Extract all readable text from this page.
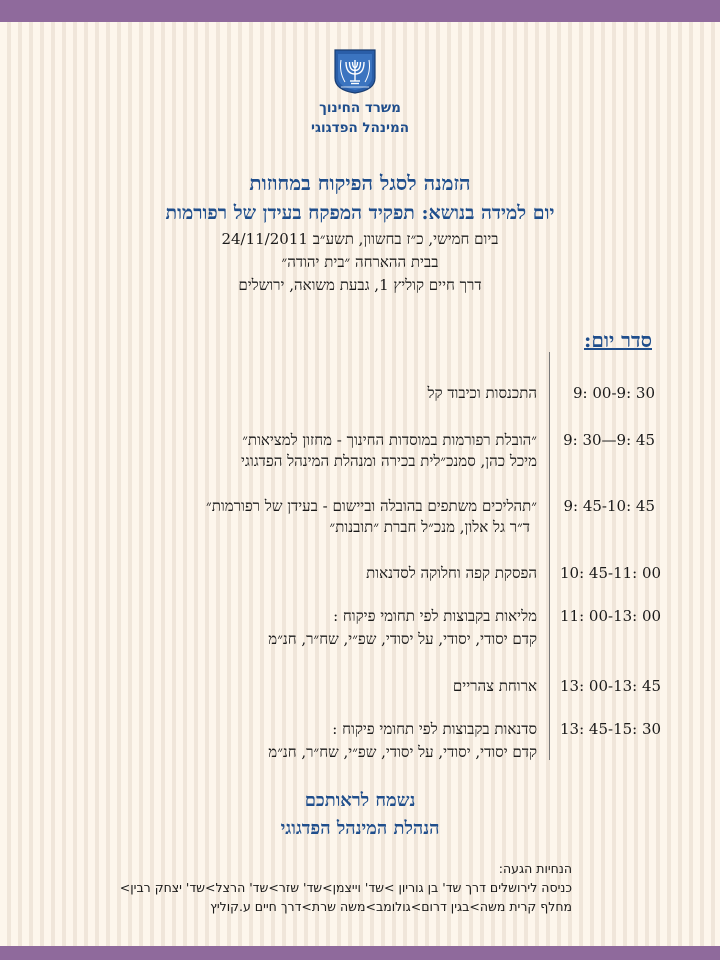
משרד החינוך
המינהל הפדגוגי
הזמנה לסגל הפיקוח במחוזות
יום למידה בנושא: תפקיד המפקח בעידן של רפורמות
ביום חמישי, כ״ז בחשוון, תשע״ב 24/11/2011
בבית ההארחה ״בית יהודה״
דרך חיים קוליץ 1, גבעת משואה, ירושלים
סדר יום:
9: 00-9: 30
התכנסות וכיבוד קל
9: 30—9: 45
״הובלת רפורמות במוסדות החינוך - מחזון למציאות״
מיכל כהן, סמנכ״לית בכירה ומנהלת המינהל הפדגוגי
9: 45-10: 45
״תהליכים משתפים בהובלה וביישום - בעידן של רפורמות״
ד״ר גל אלון, מנכ״ל חברת ״תובנות״
10: 45-11: 00
הפסקת קפה וחלוקה לסדנאות
11: 00-13: 00
מליאות בקבוצות לפי תחומי פיקוח :
קדם יסודי, יסודי, על יסודי, שפ״י, שח״ר, חנ״מ
13: 00-13: 45
ארוחת צהריים
13: 45-15: 30
סדנאות בקבוצות לפי תחומי פיקוח :
קדם יסודי, יסודי, על יסודי, שפ״י, שח״ר, חנ״מ
נשמח לראותכם
הנהלת המינהל הפדגוגי
הנחיות הגעה:
כניסה לירושלים דרך שד' בן גוריון >שד' וייצמן>שד' שזר>שד' הרצל>שד' יצחק רבין>
מחלף קרית משה>בגין דרום>גולומב>משה שרת>דרך חיים ע.קוליץ
